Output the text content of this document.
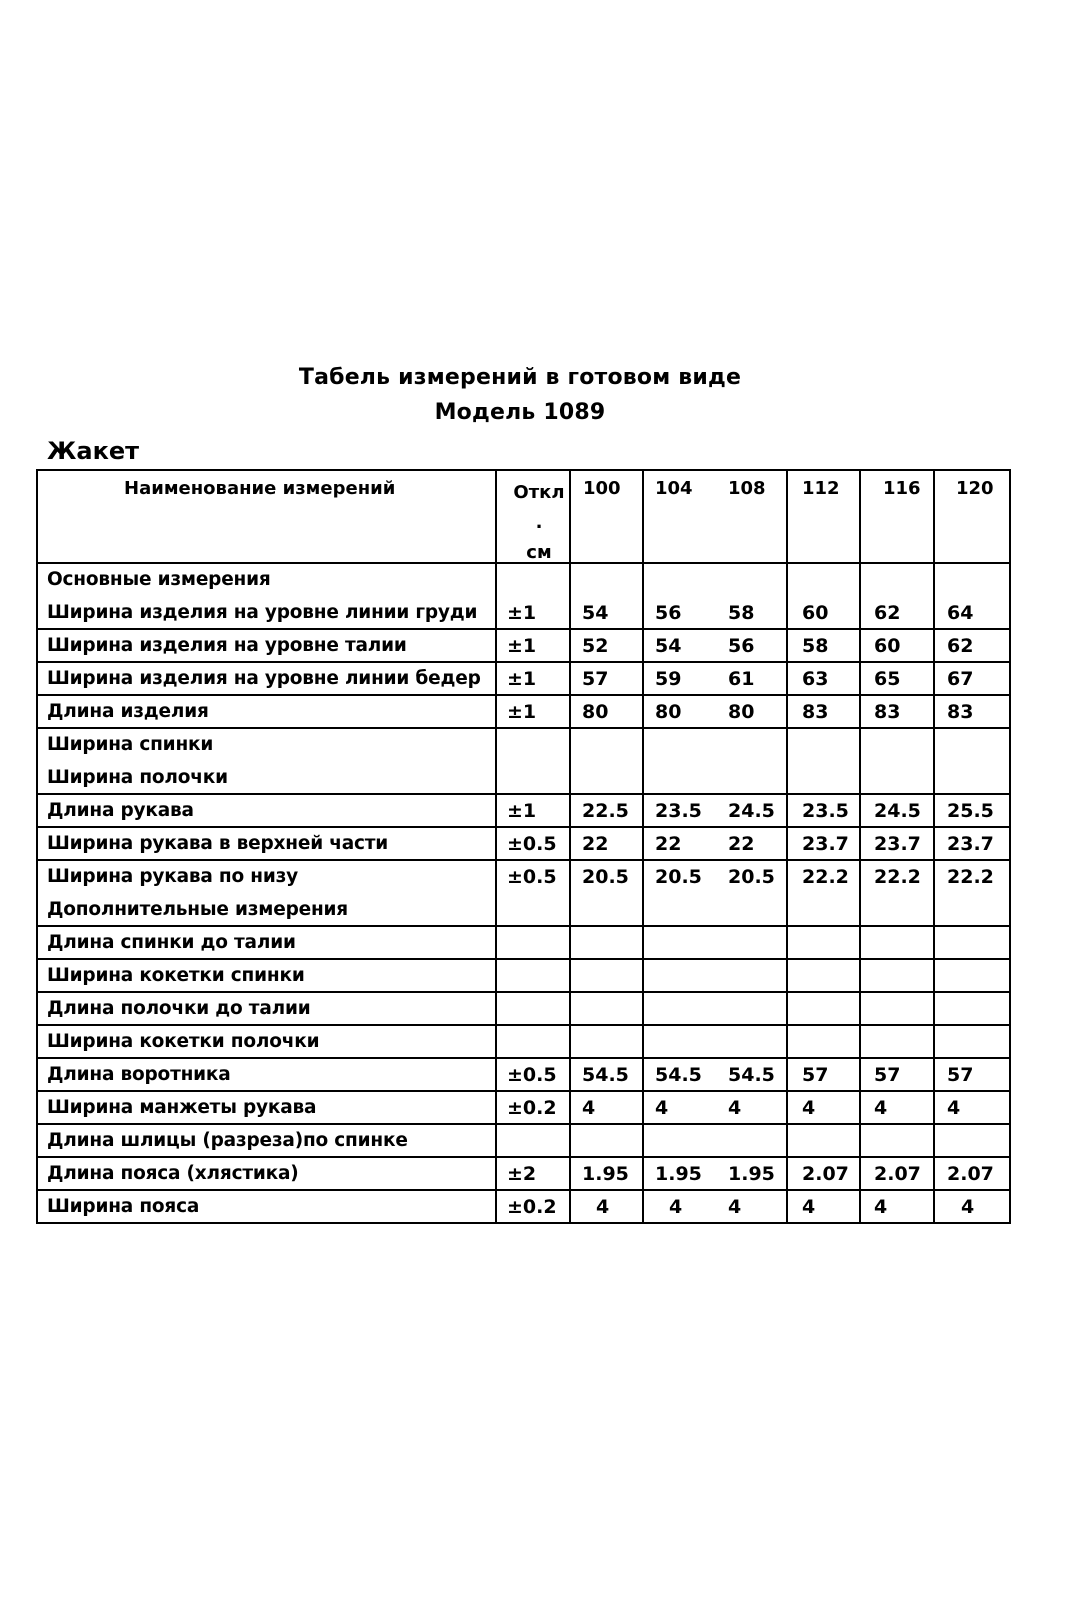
Табель измерений в готовом виде
Модель 1089
Жакет
Наименование измерений	Откл
.
см
100 104 108 112 116 120
Основные измерения
Ширина изделия на уровне линии груди ±1 54 56 58	60 62 64
Ширина изделия на уровне талии	±1 52 54 56	58 60 62
Ширина изделия на уровне линии бедер ±1 57 59 61	63 65 67
Длина изделия	±1 80 80 80	83 83 83
Ширина спинки
Ширина полочки
Длина рукава	±1 22.5 23.5 24.5 23.5 24.5 25.5
Ширина рукава в верхней части	±0.5 22 22 22	23.7 23.7 23.7
Ширина рукава по низу	±0.5 20.5 20.5 20.5 22.2 22.2 22.2
Дополнительные измерения
Длина спинки до талии
Ширина кокетки спинки
Длина полочки до талии
Ширина кокетки полочки
Длина воротника	±0.5 54.5 54.5 54.5 57 57 57
Ширина манжеты рукава	±0.2 4	4	4	4	4	4
Длина шлицы (разреза)по спинке
Длина пояса (хлястика)	±2 1.95 1.95 1.95 2.07 2.07 2.07
Ширина пояса	±0.2 4	4 4	4	4	4
